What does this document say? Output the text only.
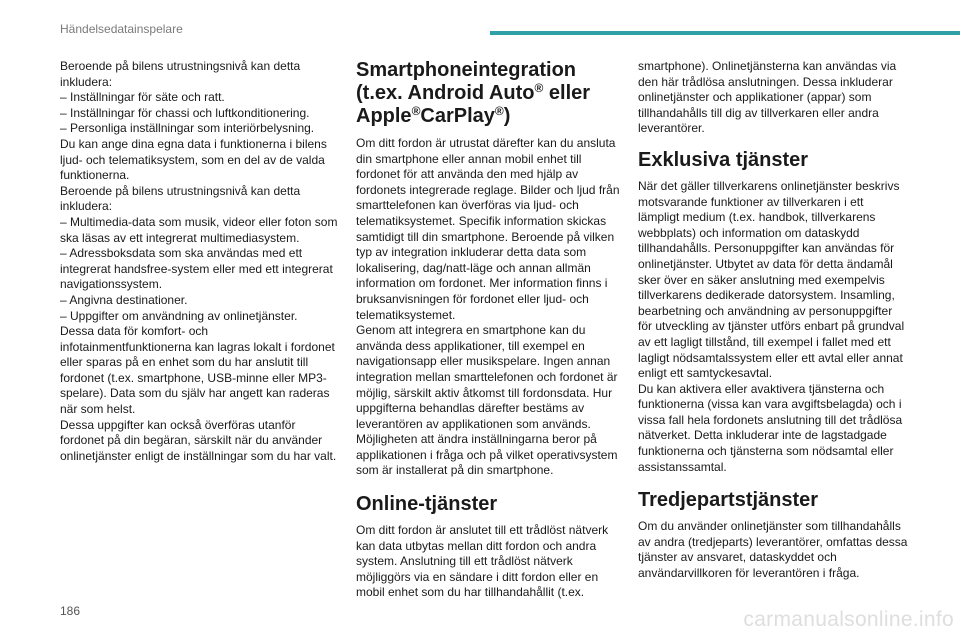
Händelsedatainspelare

Beroende på bilens utrustningsnivå kan detta inkludera:

– Inställningar för säte och ratt.

– Inställningar för chassi och luftkonditionering.

– Personliga inställningar som interiörbelysning.

Du kan ange dina egna data i funktionerna i bilens ljud- och telematiksystem, som en del av de valda funktionerna.

Beroende på bilens utrustningsnivå kan detta inkludera:

– Multimedia-data som musik, videor eller foton som ska läsas av ett integrerat multimediasystem.

– Adressboksdata som ska användas med ett integrerat handsfree-system eller med ett integrerat navigationssystem.

– Angivna destinationer.

– Uppgifter om användning av onlinetjänster.

Dessa data för komfort- och infotainmentfunktionerna kan lagras lokalt i fordonet eller sparas på en enhet som du har anslutit till fordonet (t.ex. smartphone, USB-minne eller MP3-spelare). Data som du själv har angett kan raderas när som helst.

Dessa uppgifter kan också överföras utanför fordonet på din begäran, särskilt när du använder onlinetjänster enligt de inställningar som du har valt.

Smartphoneintegration (t.ex. Android Auto® eller Apple®CarPlay®)

Om ditt fordon är utrustat därefter kan du ansluta din smartphone eller annan mobil enhet till fordonet för att använda den med hjälp av fordonets integrerade reglage. Bilder och ljud från smarttelefonen kan överföras via ljud- och telematiksystemet. Specifik information skickas samtidigt till din smartphone. Beroende på vilken typ av integration inkluderar detta data som lokalisering, dag/natt-läge och annan allmän information om fordonet. Mer information finns i bruksanvisningen för fordonet eller ljud- och telematiksystemet.

Genom att integrera en smartphone kan du använda dess applikationer, till exempel en navigationsapp eller musikspelare. Ingen annan integration mellan smarttelefonen och fordonet är möjlig, särskilt aktiv åtkomst till fordonsdata. Hur uppgifterna behandlas därefter bestäms av leverantören av applikationen som används. Möjligheten att ändra inställningarna beror på applikationen i fråga och på vilket operativsystem som är installerat på din smartphone.

Online-tjänster

Om ditt fordon är anslutet till ett trådlöst nätverk kan data utbytas mellan ditt fordon och andra system. Anslutning till ett trådlöst nätverk möjliggörs via en sändare i ditt fordon eller en mobil enhet som du har tillhandahållit (t.ex.

smartphone). Onlinetjänsterna kan användas via den här trådlösa anslutningen. Dessa inkluderar onlinetjänster och applikationer (appar) som tillhandahålls till dig av tillverkaren eller andra leverantörer.

Exklusiva tjänster

När det gäller tillverkarens onlinetjänster beskrivs motsvarande funktioner av tillverkaren i ett lämpligt medium (t.ex. handbok, tillverkarens webbplats) och information om dataskydd tillhandahålls. Personuppgifter kan användas för onlinetjänster. Utbytet av data för detta ändamål sker över en säker anslutning med exempelvis tillverkarens dedikerade datorsystem. Insamling, bearbetning och användning av personuppgifter för utveckling av tjänster utförs enbart på grundval av ett lagligt tillstånd, till exempel i fallet med ett lagligt nödsamtalssystem eller ett avtal eller annat enligt ett samtyckesavtal.

Du kan aktivera eller avaktivera tjänsterna och funktionerna (vissa kan vara avgiftsbelagda) och i vissa fall hela fordonets anslutning till det trådlösa nätverket. Detta inkluderar inte de lagstadgade funktionerna och tjänsterna som nödsamtal eller assistanssamtal.

Tredjepartstjänster

Om du använder onlinetjänster som tillhandahålls av andra (tredjeparts) leverantörer, omfattas dessa tjänster av ansvaret, dataskyddet och användarvillkoren för leverantören i fråga.

186	carmanualsonline.info
